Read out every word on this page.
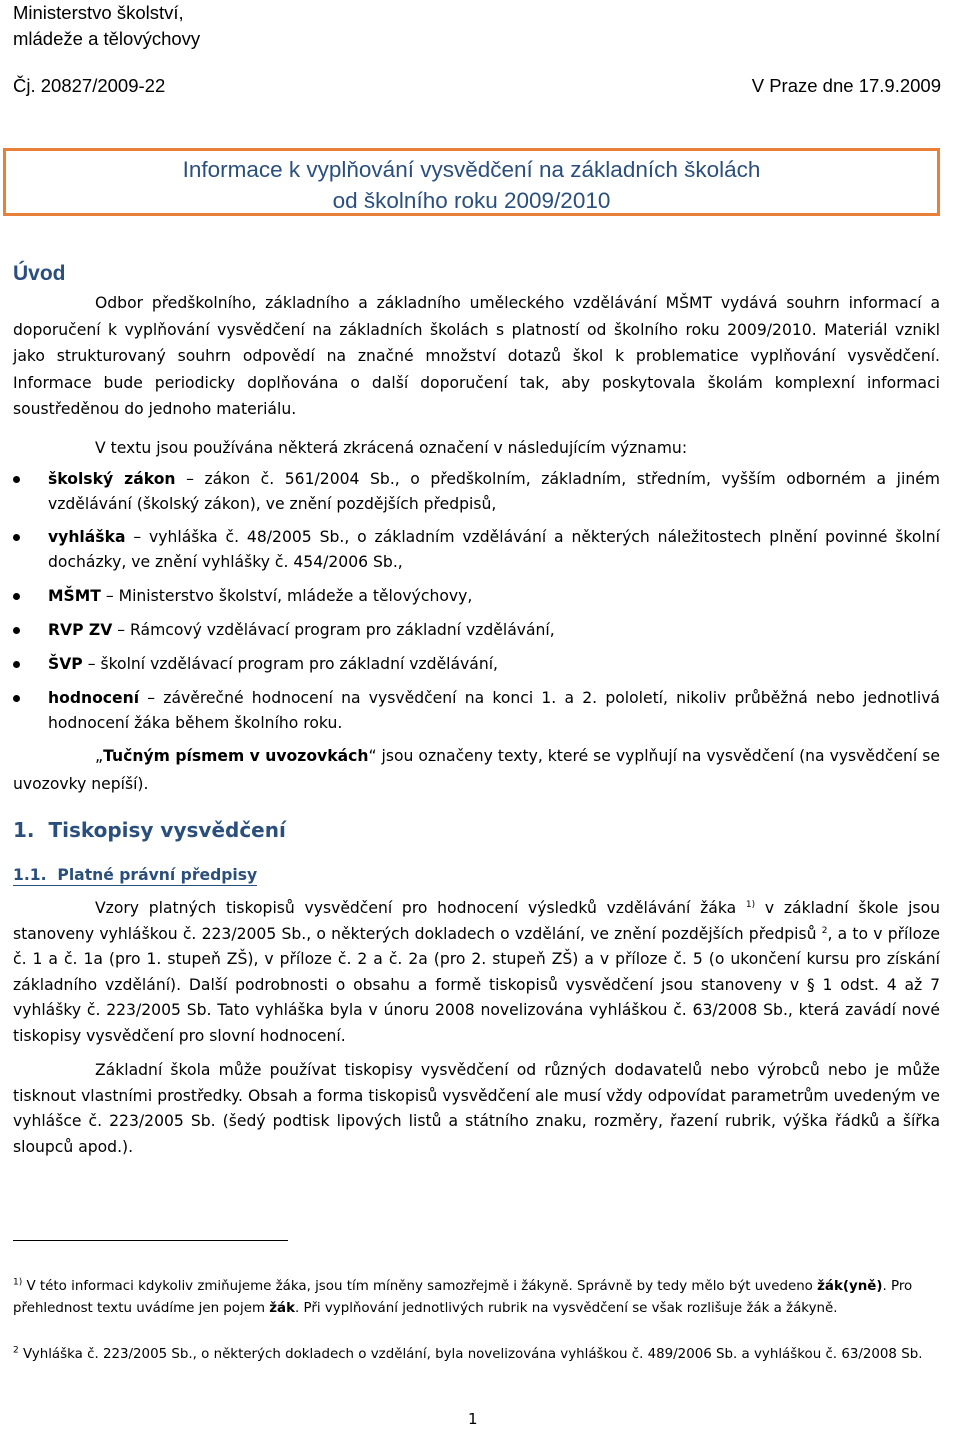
Ministerstvo školství,
mládeže a tělovýchovy
Čj. 20827/2009-22	V Praze dne 17.9.2009
Informace k vyplňování vysvědčení na základních školách
od školního roku 2009/2010
Úvod
Odbor předškolního, základního a základního uměleckého vzdělávání MŠMT vydává souhrn informací a doporučení k vyplňování vysvědčení na základních školách s platností od školního roku 2009/2010. Materiál vznikl jako strukturovaný souhrn odpovědí na značné množství dotazů škol k problematice vyplňování vysvědčení. Informace bude periodicky doplňována o další doporučení tak, aby poskytovala školám komplexní informaci soustředěnou do jednoho materiálu.
V textu jsou používána některá zkrácená označení v následujícím významu:
školský zákon – zákon č. 561/2004 Sb., o předškolním, základním, středním, vyšším odborném a jiném vzdělávání (školský zákon), ve znění pozdějších předpisů,
vyhláška – vyhláška č. 48/2005 Sb., o základním vzdělávání a některých náležitostech plnění povinné školní docházky, ve znění vyhlášky č. 454/2006 Sb.,
MŠMT – Ministerstvo školství, mládeže a tělovýchovy,
RVP ZV – Rámcový vzdělávací program pro základní vzdělávání,
ŠVP – školní vzdělávací program pro základní vzdělávání,
hodnocení – závěrečné hodnocení na vysvědčení na konci 1. a 2. pololetí, nikoliv průběžná nebo jednotlivá hodnocení žáka během školního roku.
„Tučným písmem v uvozovkách“ jsou označeny texty, které se vyplňují na vysvědčení (na vysvědčení se uvozovky nepíší).
1.  Tiskopisy vysvědčení
1.1.  Platné právní předpisy
Vzory platných tiskopisů vysvědčení pro hodnocení výsledků vzdělávání žáka $^{1)}$ v základní škole jsou stanoveny vyhláškou č. 223/2005 Sb., o některých dokladech o vzdělání, ve znění pozdějších předpisů $^2$, a to v příloze č. 1 a č. 1a (pro 1. stupeň ZŠ), v příloze č. 2 a č. 2a (pro 2. stupeň ZŠ) a v příloze č. 5 (o ukončení kursu pro získání základního vzdělání). Další podrobnosti o obsahu a formě tiskopisů vysvědčení jsou stanoveny v § 1 odst. 4 až 7 vyhlášky č. 223/2005 Sb. Tato vyhláška byla v únoru 2008 novelizována vyhláškou č. 63/2008 Sb., která zavádí nové tiskopisy vysvědčení pro slovní hodnocení.
Základní škola může používat tiskopisy vysvědčení od různých dodavatelů nebo výrobců nebo je může tisknout vlastními prostředky. Obsah a forma tiskopisů vysvědčení ale musí vždy odpovídat parametrům uvedeným ve vyhlášce č. 223/2005 Sb. (šedý podtisk lipových listů a státního znaku, rozměry, řazení rubrik, výška řádků a šířka sloupců apod.).
$^{1)}$ V této informaci kdykoliv zmiňujeme žáka, jsou tím míněny samozřejmě i žákyně. Správně by tedy mělo být uvedeno žák(yně). Pro přehlednost textu uvádíme jen pojem žák. Při vyplňování jednotlivých rubrik na vysvědčení se však rozlišuje žák a žákyně.
$^2$ Vyhláška č. 223/2005 Sb., o některých dokladech o vzdělání, byla novelizována vyhláškou č. 489/2006 Sb. a vyhláškou č. 63/2008 Sb.
1
